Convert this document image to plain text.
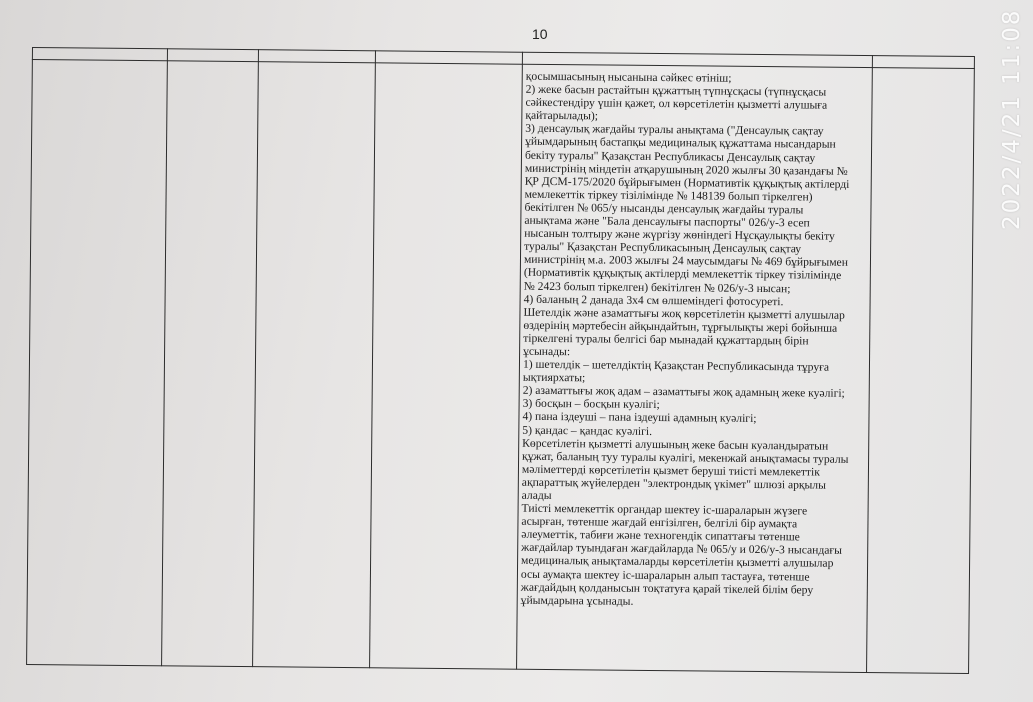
10	2022/4/21 11:08
қосымшасының нысанына сәйкес өтініш;
2) жеке басын растайтын құжаттың түпнұсқасы (түпнұсқасы
сәйкестендіру үшін қажет, ол көрсетілетін қызметті алушыға
қайтарылады);
3) денсаулық жағдайы туралы анықтама ("Денсаулық сақтау
ұйымдарының бастапқы медициналық құжаттама нысандарын
бекіту туралы" Қазақстан Республикасы Денсаулық сақтау
министрінің міндетін атқарушының 2020 жылғы 30 қазандағы №
ҚР ДСМ-175/2020 бұйрығымен (Нормативтік құқықтық актілерді
мемлекеттік тіркеу тізілімінде № 148139 болып тіркелген)
бекітілген № 065/у нысанды денсаулық жағдайы туралы
анықтама және "Бала денсаулығы паспорты" 026/у-3 есеп
нысанын толтыру және жүргізу жөніндегі Нұсқаулықты бекіту
туралы" Қазақстан Республикасының Денсаулық сақтау
министрінің м.а. 2003 жылғы 24 маусымдағы № 469 бұйрығымен
(Нормативтік құқықтық актілерді мемлекеттік тіркеу тізілімінде
№ 2423 болып тіркелген) бекітілген № 026/у-3 нысан;
4) баланың 2 данада 3х4 см өлшеміндегі фотосуреті.
Шетелдік және азаматтығы жоқ көрсетілетін қызметті алушылар
өздерінің мәртебесін айқындайтын, тұрғылықты жері бойынша
тіркелгені туралы белгісі бар мынадай құжаттардың бірін
ұсынады:
1) шетелдік – шетелдіктің Қазақстан Республикасында тұруға
ықтиярхаты;
2) азаматтығы жоқ адам – азаматтығы жоқ адамның жеке куәлігі;
3) босқын – босқын куәлігі;
4) пана іздеуші – пана іздеуші адамның куәлігі;
5) қандас – қандас куәлігі.
Көрсетілетін қызметті алушының жеке басын куәландыратын
құжат, баланың туу туралы куәлігі, мекенжай анықтамасы туралы
мәліметтерді көрсетілетін қызмет беруші тиісті мемлекеттік
ақпараттық жүйелерден "электрондық үкімет" шлюзі арқылы
алады
Тиісті мемлекеттік органдар шектеу іс-шараларын жүзеге
асырған, төтенше жағдай енгізілген, белгілі бір аумақта
әлеуметтік, табиғи және техногендік сипаттағы төтенше
жағдайлар туындаған жағдайларда № 065/у и 026/у-3 нысандағы
медициналық анықтамаларды көрсетілетін қызметті алушылар
осы аумақта шектеу іс-шараларын алып тастауға, төтенше
жағдайдың қолданысын тоқтатуға қарай тікелей білім беру
ұйымдарына ұсынады.
